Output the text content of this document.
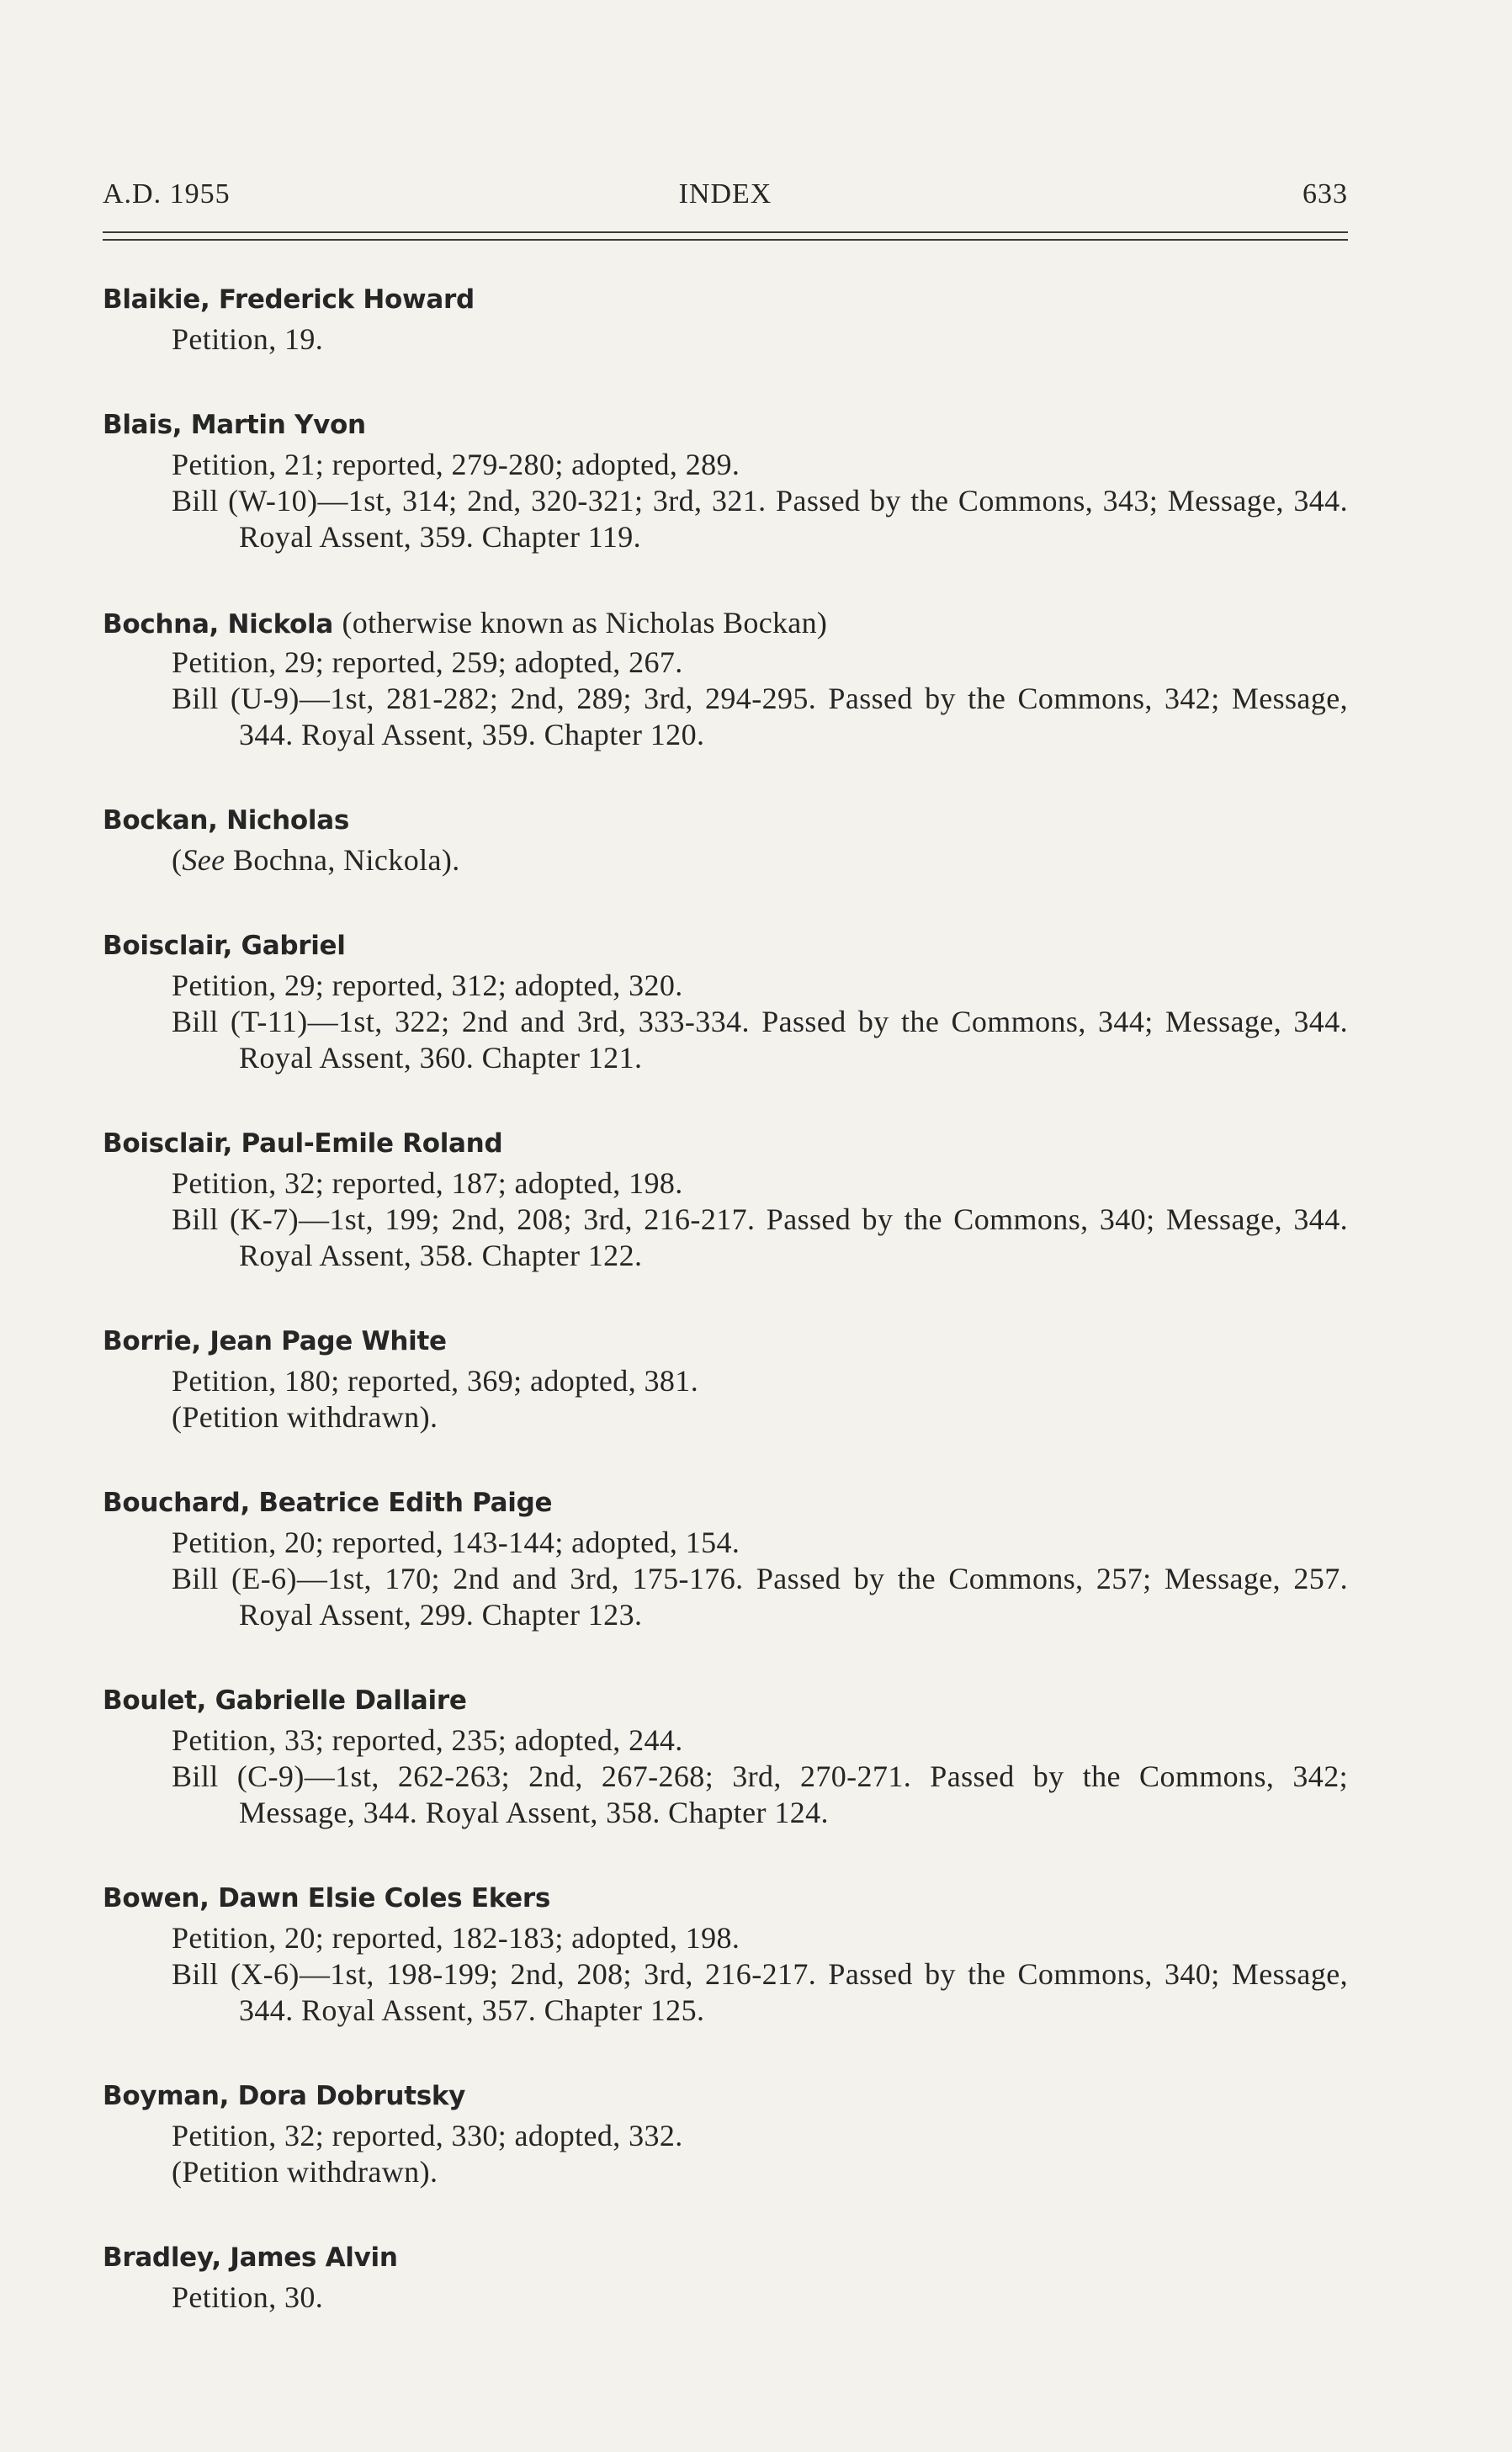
A.D. 1955	INDEX	633
Blaikie, Frederick Howard
Petition, 19.
Blais, Martin Yvon
Petition, 21; reported, 279-280; adopted, 289.
Bill (W-10)—1st, 314; 2nd, 320-321; 3rd, 321. Passed by the Commons, 343; Message, 344. Royal Assent, 359. Chapter 119.
Bochna, Nickola (otherwise known as Nicholas Bockan)
Petition, 29; reported, 259; adopted, 267.
Bill (U-9)—1st, 281-282; 2nd, 289; 3rd, 294-295. Passed by the Commons, 342; Message, 344. Royal Assent, 359. Chapter 120.
Bockan, Nicholas
(See Bochna, Nickola).
Boisclair, Gabriel
Petition, 29; reported, 312; adopted, 320.
Bill (T-11)—1st, 322; 2nd and 3rd, 333-334. Passed by the Commons, 344; Message, 344. Royal Assent, 360. Chapter 121.
Boisclair, Paul-Emile Roland
Petition, 32; reported, 187; adopted, 198.
Bill (K-7)—1st, 199; 2nd, 208; 3rd, 216-217. Passed by the Commons, 340; Message, 344. Royal Assent, 358. Chapter 122.
Borrie, Jean Page White
Petition, 180; reported, 369; adopted, 381.
(Petition withdrawn).
Bouchard, Beatrice Edith Paige
Petition, 20; reported, 143-144; adopted, 154.
Bill (E-6)—1st, 170; 2nd and 3rd, 175-176. Passed by the Commons, 257; Message, 257. Royal Assent, 299. Chapter 123.
Boulet, Gabrielle Dallaire
Petition, 33; reported, 235; adopted, 244.
Bill (C-9)—1st, 262-263; 2nd, 267-268; 3rd, 270-271. Passed by the Commons, 342; Message, 344. Royal Assent, 358. Chapter 124.
Bowen, Dawn Elsie Coles Ekers
Petition, 20; reported, 182-183; adopted, 198.
Bill (X-6)—1st, 198-199; 2nd, 208; 3rd, 216-217. Passed by the Commons, 340; Message, 344. Royal Assent, 357. Chapter 125.
Boyman, Dora Dobrutsky
Petition, 32; reported, 330; adopted, 332.
(Petition withdrawn).
Bradley, James Alvin
Petition, 30.
